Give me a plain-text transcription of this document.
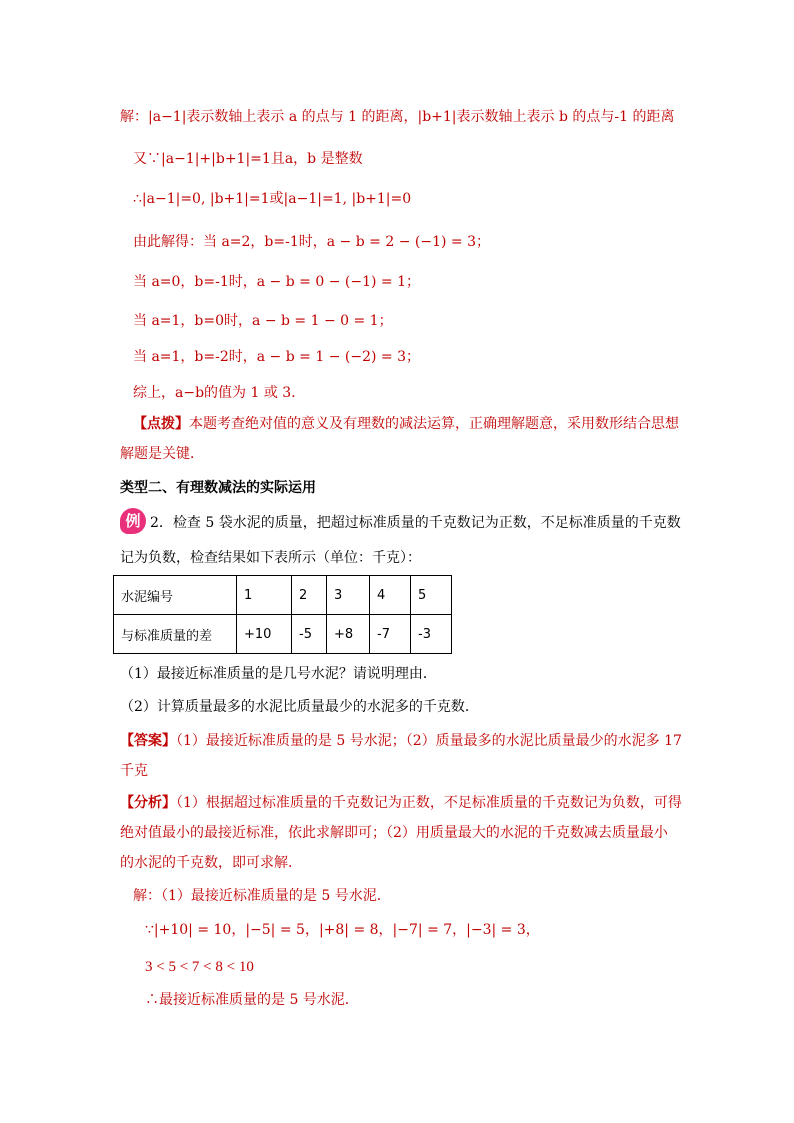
解：|a−1|表示数轴上表示 a 的点与 1 的距离，|b+1|表示数轴上表示 b 的点与-1 的距离
又∵|a−1|+|b+1|=1且a，b 是整数
∴|a−1|=0, |b+1|=1或|a−1|=1, |b+1|=0
由此解得：当 a=2，b=-1时，a − b = 2 − (−1) = 3；
当 a=0，b=-1时，a − b = 0 − (−1) = 1；
当 a=1，b=0时，a − b = 1 − 0 = 1；
当 a=1，b=-2时，a − b = 1 − (−2) = 3；
综上，a−b的值为 1 或 3．
【点拨】本题考查绝对值的意义及有理数的减法运算，正确理解题意，采用数形结合思想
解题是关键．
类型二、有理数减法的实际运用
例 2．检查 5 袋水泥的质量，把超过标准质量的千克数记为正数，不足标准质量的千克数
记为负数，检查结果如下表所示（单位：千克）：
水泥编号	1	2	3	4	5
与标准质量的差	+10	-5	+8	-7	-3
（1）最接近标准质量的是几号水泥？请说明理由．
（2）计算质量最多的水泥比质量最少的水泥多的千克数．
【答案】（1）最接近标准质量的是 5 号水泥；（2）质量最多的水泥比质量最少的水泥多 17
千克
【分析】（1）根据超过标准质量的千克数记为正数，不足标准质量的千克数记为负数，可得
绝对值最小的最接近标准，依此求解即可；（2）用质量最大的水泥的千克数减去质量最小
的水泥的千克数，即可求解．
解：（1）最接近标准质量的是 5 号水泥．
∵|+10| = 10，|−5| = 5，|+8| = 8，|−7| = 7，|−3| = 3，
3 < 5 < 7 < 8 < 10
∴最接近标准质量的是 5 号水泥．
